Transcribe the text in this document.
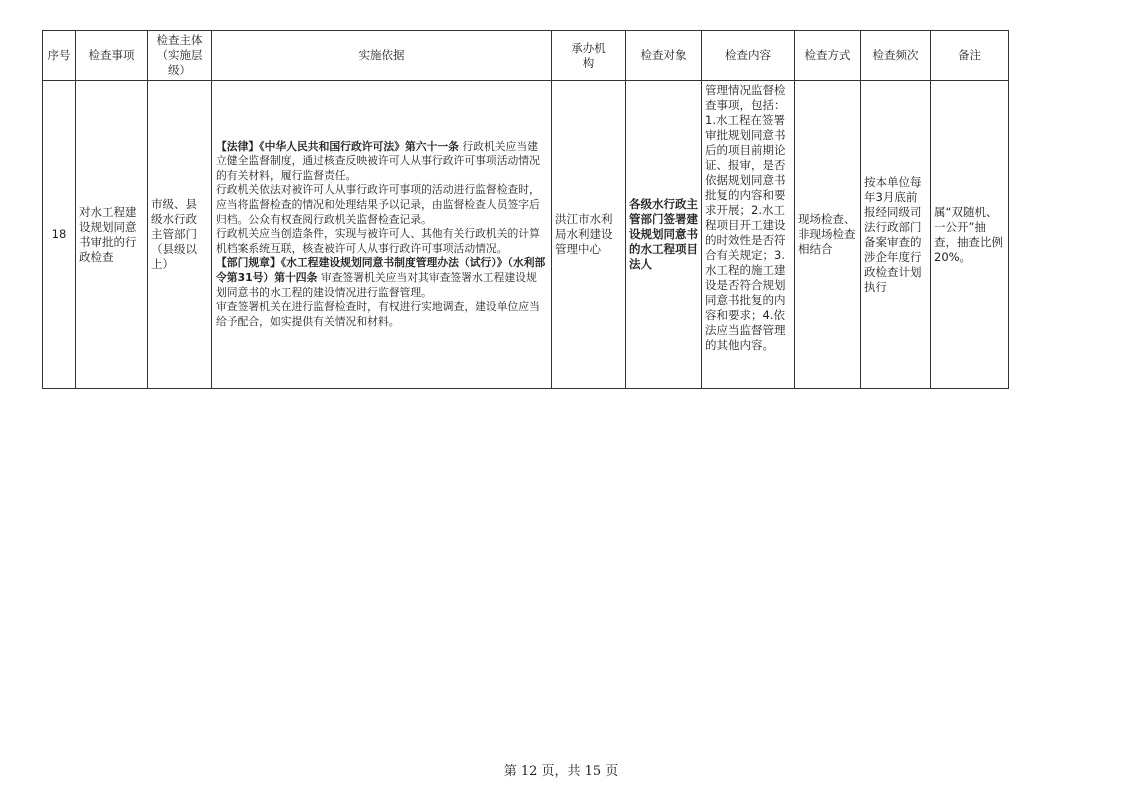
序号	检查事项	检查主体（实施层级）	实施依据	承办机构	检查对象	检查内容	检查方式	检查频次	备注
18	对水工程建设规划同意书审批的行政检查	市级、县级水行政主管部门（县级以上）	【法律】《中华人民共和国行政许可法》第六十一条 行政机关应当建立健全监督制度，通过核查反映被许可人从事行政许可事项活动情况的有关材料，履行监督责任。

行政机关依法对被许可人从事行政许可事项的活动进行监督检查时，应当将监督检查的情况和处理结果予以记录，由监督检查人员签字后归档。公众有权查阅行政机关监督检查记录。

行政机关应当创造条件，实现与被许可人、其他有关行政机关的计算机档案系统互联，核查被许可人从事行政许可事项活动情况。

【部门规章】《水工程建设规划同意书制度管理办法（试行）》（水利部令第31号）第十四条 审查签署机关应当对其审查签署水工程建设规划同意书的水工程的建设情况进行监督管理。

审查签署机关在进行监督检查时，有权进行实地调查，建设单位应当给予配合，如实提供有关情况和材料。	洪江市水利局水利建设管理中心	各级水行政主管部门签署建设规划同意书的水工程项目法人	管理情况监督检查事项，包括：1.水工程在签署审批规划同意书后的项目前期论证、报审，是否依据规划同意书批复的内容和要求开展；2.水工程项目开工建设的时效性是否符合有关规定；3.水工程的施工建设是否符合规划同意书批复的内容和要求；4.依法应当监督管理的其他内容。	现场检查、非现场检查相结合	按本单位每年3月底前报经同级司法行政部门备案审查的涉企年度行政检查计划执行	属“双随机、一公开”抽查，抽查比例20%。
第 12 页，共 15 页
